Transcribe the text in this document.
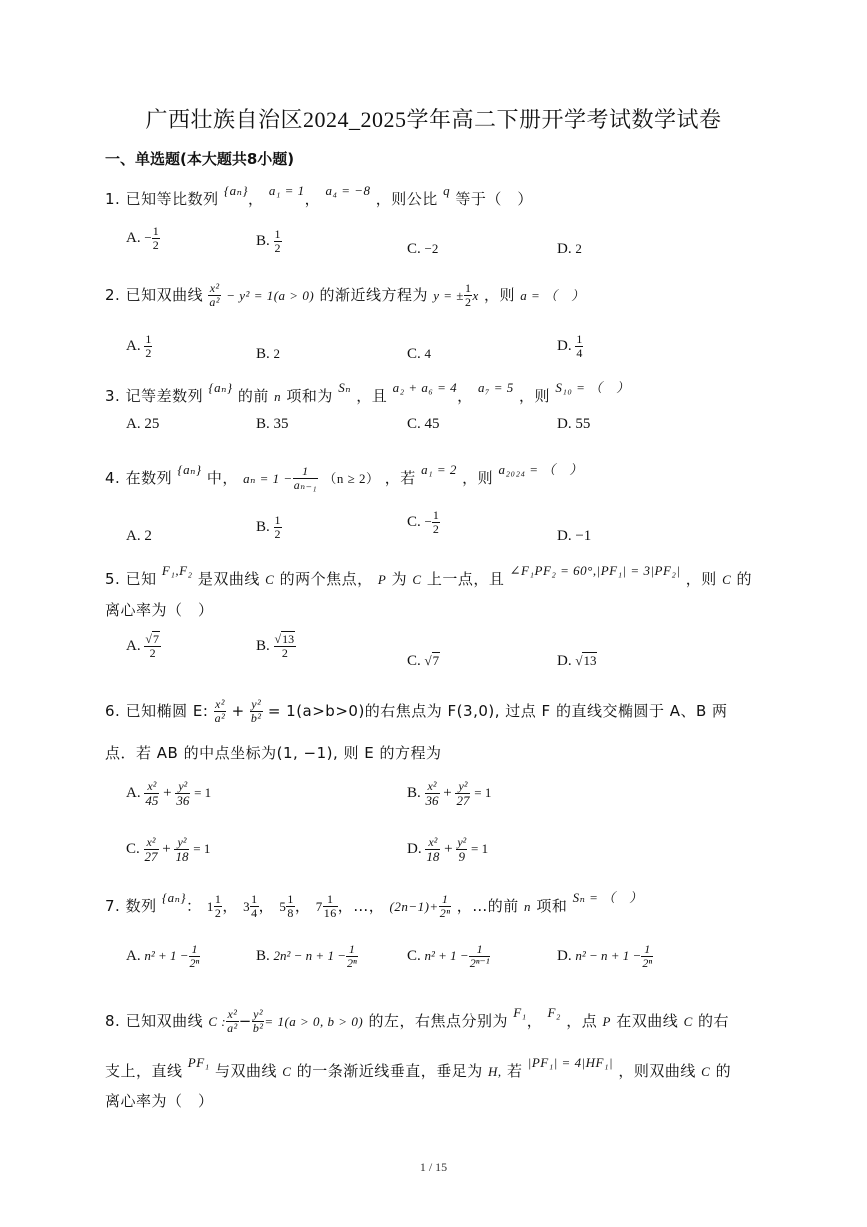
广西壮族自治区2024_2025学年高二下册开学考试数学试卷
一、单选题(本大题共8小题)
1. 已知等比数列 {aₙ}， a₁ = 1， a₄ = −8 ，则公比 q 等于（　）
A. − $\frac{1}{2}$	B. $\frac{1}{2}$	C. −2	D. 2
2. 已知双曲线 $\frac{\text{x²}}{\text{a²}} - y^2 = 1(a > 0)$ 的渐近线方程为 y = ± $\frac{1}{2}$ x ，则 a = （　）
A. $\frac{1}{2}$	B. 2	C. 4	D. $\frac{1}{4}$
3. 记等差数列 {aₙ} 的前 n 项和为 Sₙ ，且 a₂ + a₆ = 4， a₇ = 5 ，则 S₁₀ = （　）
A. 25	B. 35	C. 45	D. 55
4. 在数列 {aₙ} 中， $a_n = 1 - \frac{1}{\text{aₙ₋₁}} (n \ge 2)$ ，若 a₁ = 2 ，则 a₂₀₂₄ = （　）
A. 2
B. $\frac{1}{2}$	C. − $\frac{1}{2}$	D. −1
5. 已知 F₁,F₂ 是双曲线 C 的两个焦点， P 为 C 上一点，且 ∠F₁PF₂ = 60°,|PF₁| = 3|PF₂| ，则 C 的
离心率为（　）
A. $\frac{√7}{2}$	B. $\frac{√13}{2}$
C. √7	D. √13
6. 已知椭圆 E: $\frac{\text{x²}}{\text{a²}} + \frac{\text{y²}}{\text{b²}} = 1(a>b>0)$的右焦点为 F(3,0), 过点 F 的直线交椭圆于 A、B 两
点．若 AB 的中点坐标为(1, −1), 则 E 的方程为
A. $\frac{\text{x²}}{45} + \frac{\text{y²}}{36} = 1$	B. $\frac{\text{x²}}{36} + \frac{\text{y²}}{27} = 1$
C. $\frac{\text{x²}}{27} + \frac{\text{y²}}{18} = 1$	D. $\frac{\text{x²}}{18} + \frac{\text{y²}}{9} = 1$
7. 数列 {aₙ}： $1 \frac{1}{2}$ ， $3 \frac{1}{4}$ ， $5 \frac{1}{8}$ ， $7 \frac{1}{16}$ ，…， $(2n-1)+ \frac{1}{\text{2ⁿ}}$ ，…的前 n 项和 Sₙ = （　）
A. $n^2 + 1 - \frac{1}{\text{2ⁿ}}$	B. $2n^2 - n + 1 - \frac{1}{\text{2ⁿ}}$	C. $n^2 + 1 - \frac{1}{\text{2ⁿ⁻¹}}$	D. $n^2 - n + 1 - \frac{1}{\text{2ⁿ}}$
8. 已知双曲线 C : $\frac{\text{x²}}{\text{a²}} - \frac{\text{y²}}{\text{b²}} = 1(a > 0$, b > 0) 的左，右焦点分别为 F₁， F₂ ，点 P 在双曲线 C 的右
支上，直线 PF₁ 与双曲线 C 的一条渐近线垂直，垂足为 H, 若 |PF₁| = 4|HF₁| ，则双曲线 C 的
离心率为（　）
1 / 15
